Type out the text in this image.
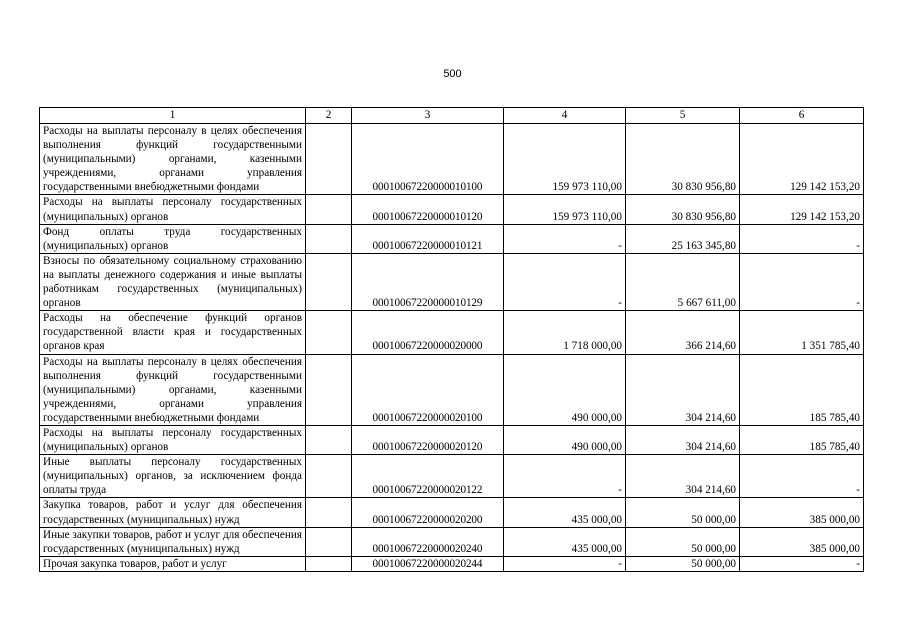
500
1	2	3	4	5	6
Расходы на выплаты персоналу в целях обеспечения выполнения функций государственными (муниципальными) органами, казенными учреждениями, органами управления государственными внебюджетными фондами		00010067220000010100	159 973 110,00	30 830 956,80	129 142 153,20
Расходы на выплаты персоналу государственных (муниципальных) органов		00010067220000010120	159 973 110,00	30 830 956,80	129 142 153,20
Фонд оплаты труда государственных (муниципальных) органов		00010067220000010121	-	25 163 345,80	-
Взносы по обязательному социальному страхованию на выплаты денежного содержания и иные выплаты работникам государственных (муниципальных) органов		00010067220000010129	-	5 667 611,00	-
Расходы на обеспечение функций органов государственной власти края и государственных органов края		00010067220000020000	1 718 000,00	366 214,60	1 351 785,40
Расходы на выплаты персоналу в целях обеспечения выполнения функций государственными (муниципальными) органами, казенными учреждениями, органами управления государственными внебюджетными фондами		00010067220000020100	490 000,00	304 214,60	185 785,40
Расходы на выплаты персоналу государственных (муниципальных) органов		00010067220000020120	490 000,00	304 214,60	185 785,40
Иные выплаты персоналу государственных (муниципальных) органов, за исключением фонда оплаты труда		00010067220000020122	-	304 214,60	-
Закупка товаров, работ и услуг для обеспечения государственных (муниципальных) нужд		00010067220000020200	435 000,00	50 000,00	385 000,00
Иные закупки товаров, работ и услуг для обеспечения государственных (муниципальных) нужд		00010067220000020240	435 000,00	50 000,00	385 000,00
Прочая закупка товаров, работ и услуг		00010067220000020244	-	50 000,00	-
